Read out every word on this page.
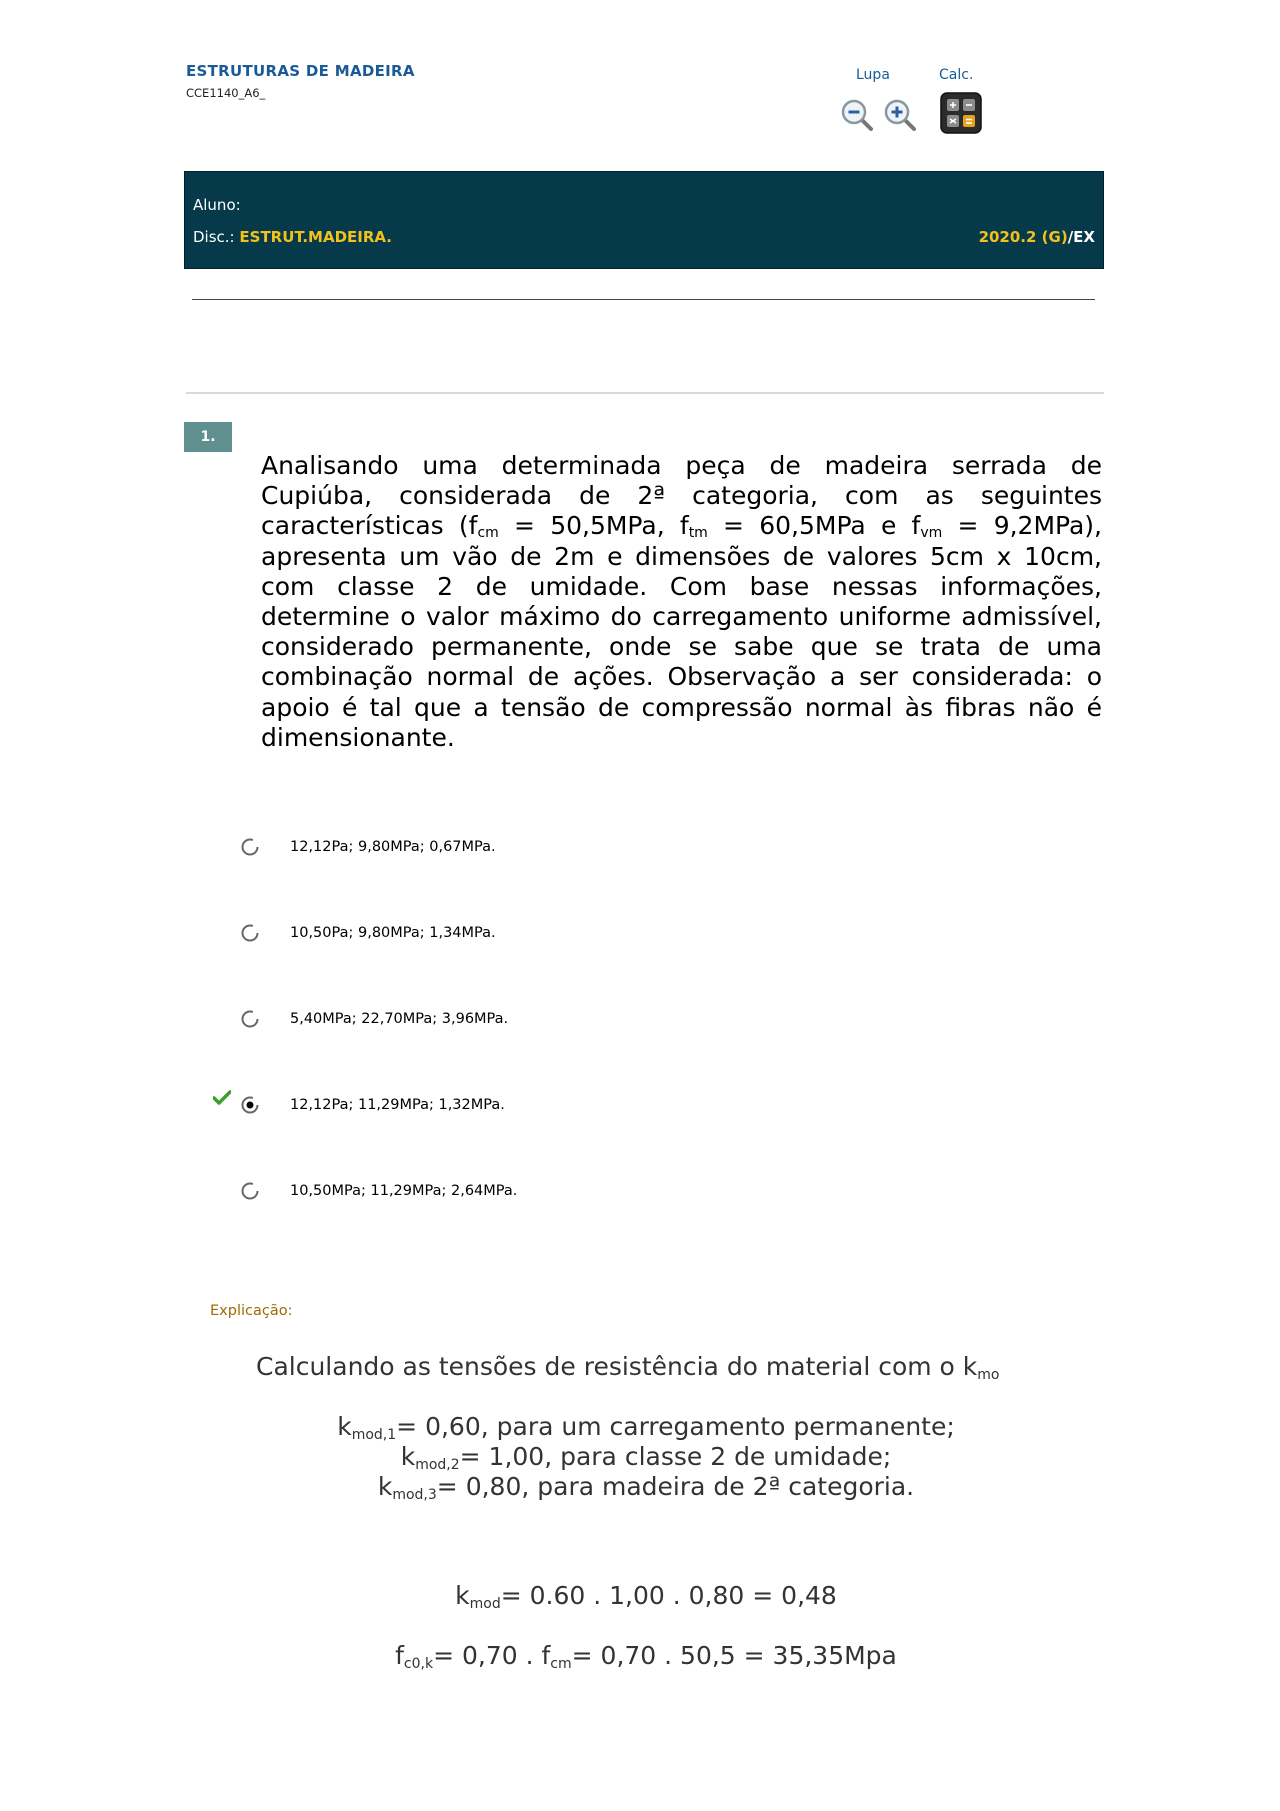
ESTRUTURAS DE MADEIRA
CCE1140_A6_
Lupa	Calc.
Aluno:
Disc.: ESTRUT.MADEIRA.	2020.2 (G)/EX
1.
Analisando uma determinada peça de madeira serrada de Cupiúba, considerada de 2ª categoria, com as seguintes características ($f_{cm} = 50,5MPa$, $f_{tm} = 60,5MPa$ e $f_{vm} = 9,2MPa$), apresenta um vão de 2m e dimensões de valores 5cm x 10cm, com classe 2 de umidade. Com base nessas informações, determine o valor máximo do carregamento uniforme admissível, considerado permanente, onde se sabe que se trata de uma combinação normal de ações. Observação a ser considerada: o apoio é tal que a tensão de compressão normal às fibras não é dimensionante.
12,12Pa; 9,80MPa; 0,67MPa.
10,50Pa; 9,80MPa; 1,34MPa.
5,40MPa; 22,70MPa; 3,96MPa.
12,12Pa; 11,29MPa; 1,32MPa.
10,50MPa; 11,29MPa; 2,64MPa.
Explicação:
Calculando as tensões de resistência do material com o $k_{mo}$
$k_{mod,1}= 0,60$, para um carregamento permanente;
$k_{mod,2}= 1,00$, para classe 2 de umidade;
$k_{mod,3}= 0,80$, para madeira de 2ª categoria.
$k_{mod}= 0.60$ . 1,00 . 0,80 = 0,48
$f_{c0,k}= 0,70$ . $f_{cm}= 0,70$ . 50,5 = 35,35Mpa
